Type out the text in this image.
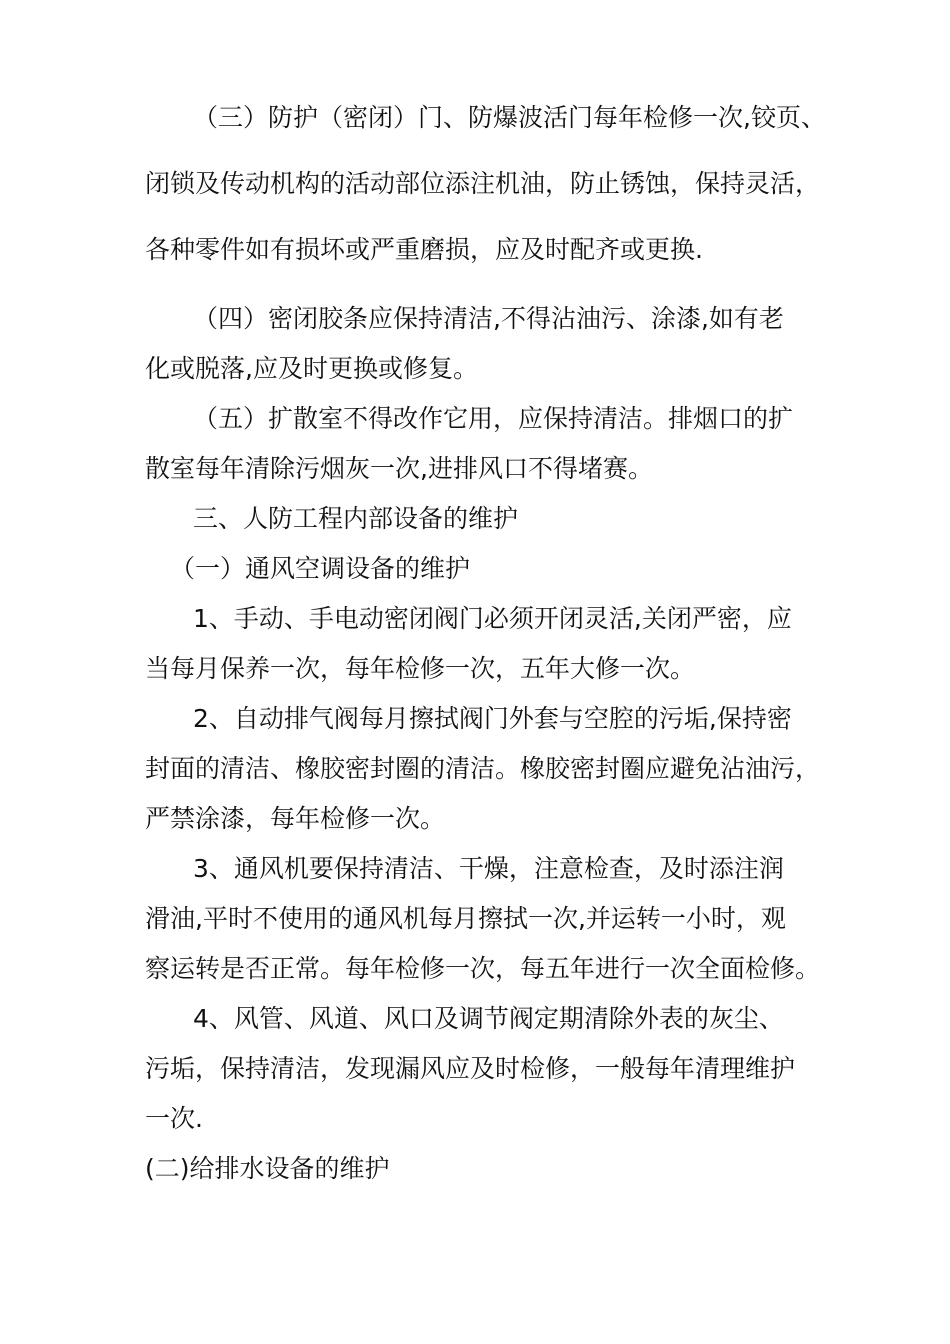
（三）防护（密闭）门、防爆波活门每年检修一次,铰页、
闭锁及传动机构的活动部位添注机油，防止锈蚀，保持灵活，
各种零件如有损坏或严重磨损，应及时配齐或更换.
（四）密闭胶条应保持清洁,不得沾油污、涂漆,如有老
化或脱落,应及时更换或修复。
（五）扩散室不得改作它用，应保持清洁。排烟口的扩
散室每年清除污烟灰一次,进排风口不得堵赛。
三、人防工程内部设备的维护
（一）通风空调设备的维护
1、手动、手电动密闭阀门必须开闭灵活,关闭严密，应
当每月保养一次，每年检修一次，五年大修一次。
2、自动排气阀每月擦拭阀门外套与空腔的污垢,保持密
封面的清洁、橡胶密封圈的清洁。橡胶密封圈应避免沾油污，
严禁涂漆，每年检修一次。
3、通风机要保持清洁、干燥，注意检查，及时添注润
滑油,平时不使用的通风机每月擦拭一次,并运转一小时，观
察运转是否正常。每年检修一次，每五年进行一次全面检修。
4、风管、风道、风口及调节阀定期清除外表的灰尘、
污垢，保持清洁，发现漏风应及时检修，一般每年清理维护
一次.
(二)给排水设备的维护
